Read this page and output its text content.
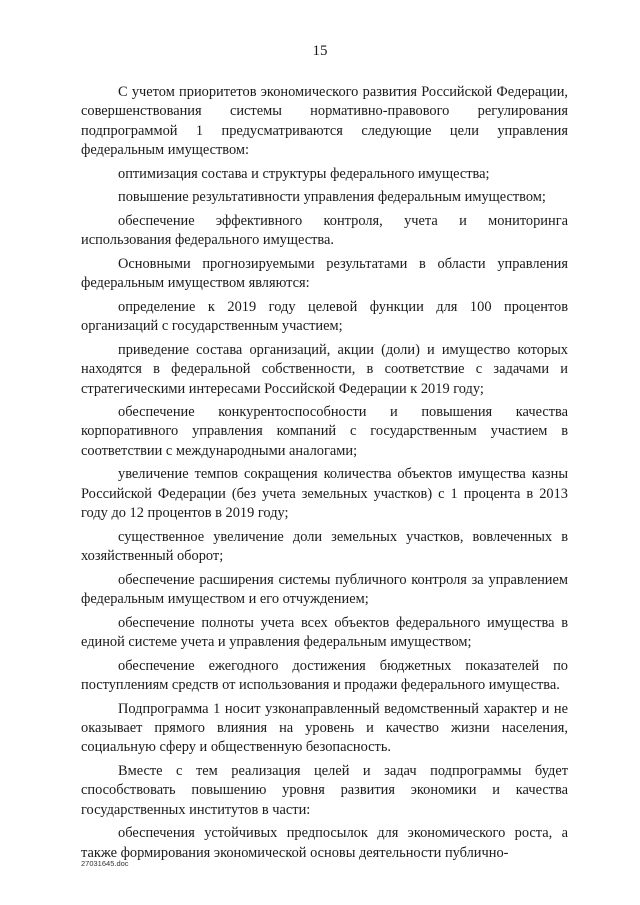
15

С учетом приоритетов экономического развития Российской Федерации, совершенствования системы нормативно-правового регулирования подпрограммой 1 предусматриваются следующие цели управления федеральным имуществом:

оптимизация состава и структуры федерального имущества;

повышение результативности управления федеральным имуществом;

обеспечение эффективного контроля, учета и мониторинга использования федерального имущества.

Основными прогнозируемыми результатами в области управления федеральным имуществом являются:

определение к 2019 году целевой функции для 100 процентов организаций с государственным участием;

приведение состава организаций, акции (доли) и имущество которых находятся в федеральной собственности, в соответствие с задачами и стратегическими интересами Российской Федерации к 2019 году;

обеспечение конкурентоспособности и повышения качества корпоративного управления компаний с государственным участием в соответствии с международными аналогами;

увеличение темпов сокращения количества объектов имущества казны Российской Федерации (без учета земельных участков) с 1 процента в 2013 году до 12 процентов в 2019 году;

существенное увеличение доли земельных участков, вовлеченных в хозяйственный оборот;

обеспечение расширения системы публичного контроля за управлением федеральным имуществом и его отчуждением;

обеспечение полноты учета всех объектов федерального имущества в единой системе учета и управления федеральным имуществом;

обеспечение ежегодного достижения бюджетных показателей по поступлениям средств от использования и продажи федерального имущества.

Подпрограмма 1 носит узконаправленный ведомственный характер и не оказывает прямого влияния на уровень и качество жизни населения, социальную сферу и общественную безопасность.

Вместе с тем реализация целей и задач подпрограммы будет способствовать повышению уровня развития экономики и качества государственных институтов в части:

обеспечения устойчивых предпосылок для экономического роста, а также формирования экономической основы деятельности публично-

27031645.doc
